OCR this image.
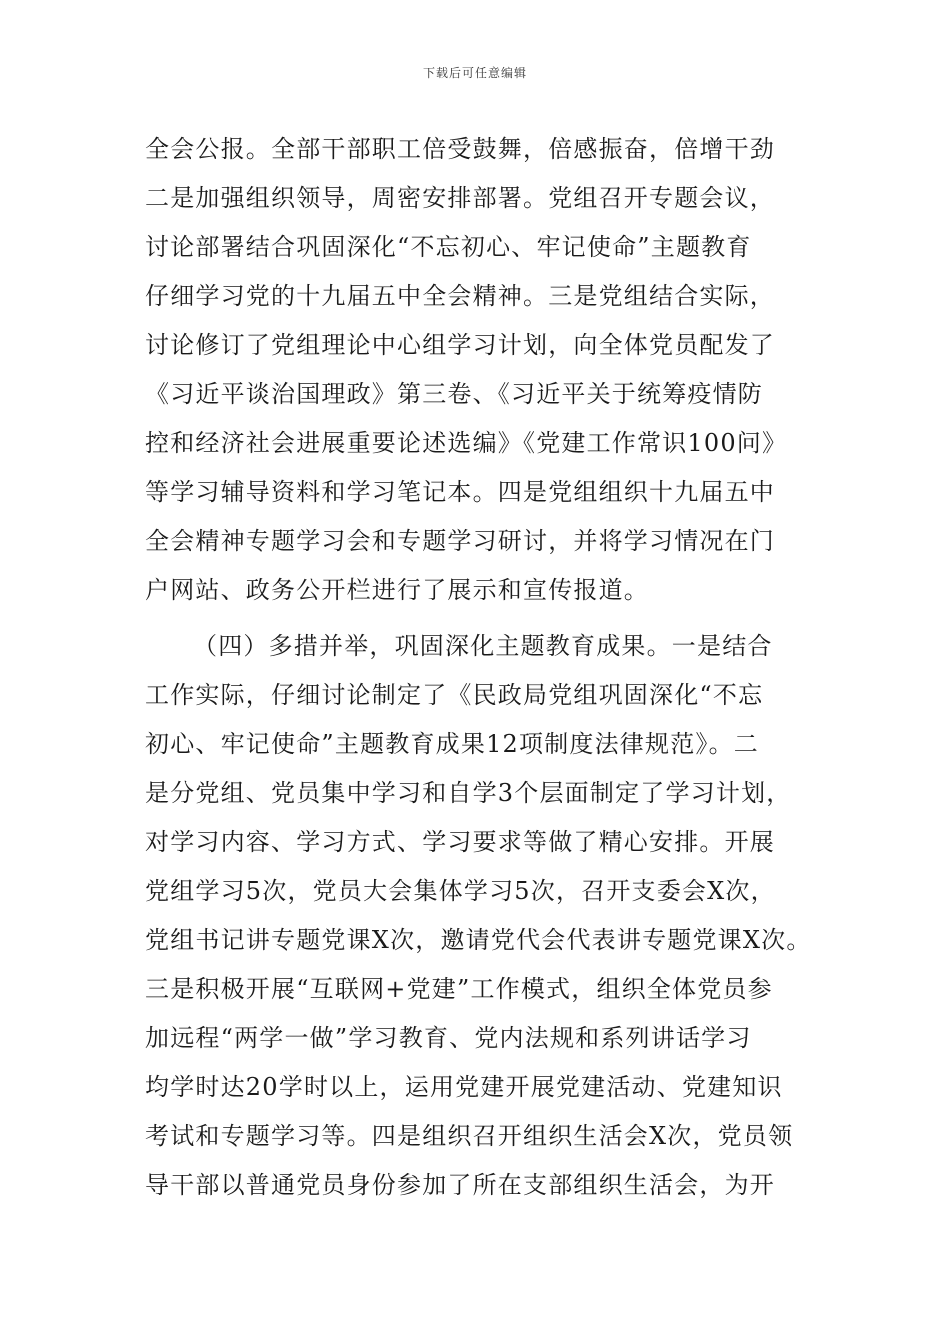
下载后可任意编辑
全会公报。全部干部职工倍受鼓舞，倍感振奋，倍增干劲
二是加强组织领导，周密安排部署。党组召开专题会议，
讨论部署结合巩固深化“不忘初心、牢记使命”主题教育
仔细学习党的十九届五中全会精神。三是党组结合实际，
讨论修订了党组理论中心组学习计划，向全体党员配发了
《习近平谈治国理政》第三卷、《习近平关于统筹疫情防
控和经济社会进展重要论述选编》《党建工作常识100问》
等学习辅导资料和学习笔记本。四是党组组织十九届五中
全会精神专题学习会和专题学习研讨，并将学习情况在门
户网站、政务公开栏进行了展示和宣传报道。
（四）多措并举，巩固深化主题教育成果。一是结合
工作实际，仔细讨论制定了《民政局党组巩固深化“不忘
初心、牢记使命”主题教育成果12项制度法律规范》。二
是分党组、党员集中学习和自学3个层面制定了学习计划，
对学习内容、学习方式、学习要求等做了精心安排。开展
党组学习5次，党员大会集体学习5次，召开支委会X次，
党组书记讲专题党课X次，邀请党代会代表讲专题党课X次。
三是积极开展“互联网+党建”工作模式，组织全体党员参
加远程“两学一做”学习教育、党内法规和系列讲话学习
均学时达20学时以上，运用党建开展党建活动、党建知识
考试和专题学习等。四是组织召开组织生活会X次，党员领
导干部以普通党员身份参加了所在支部组织生活会，为开
